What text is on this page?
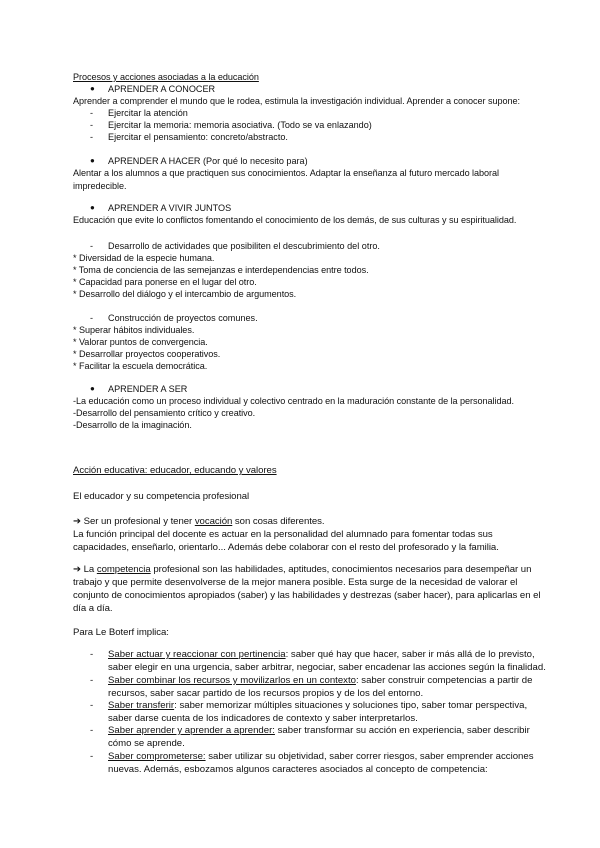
Procesos y acciones asociadas a la educación
● APRENDER A CONOCER
Aprender a comprender el mundo que le rodea, estimula la investigación individual. Aprender a conocer supone:
- Ejercitar la atención
- Ejercitar la memoria: memoria asociativa. (Todo se va enlazando)
- Ejercitar el pensamiento: concreto/abstracto.
● APRENDER A HACER (Por qué lo necesito para)
Alentar a los alumnos a que practiquen sus conocimientos. Adaptar la enseñanza al futuro mercado laboral
impredecible.
● APRENDER A VIVIR JUNTOS
Educación que evite lo conflictos fomentando el conocimiento de los demás, de sus culturas y su espiritualidad.
- Desarrollo de actividades que posibiliten el descubrimiento del otro.
* Diversidad de la especie humana.
* Toma de conciencia de las semejanzas e interdependencias entre todos.
* Capacidad para ponerse en el lugar del otro.
* Desarrollo del diálogo y el intercambio de argumentos.
- Construcción de proyectos comunes.
* Superar hábitos individuales.
* Valorar puntos de convergencia.
* Desarrollar proyectos cooperativos.
* Facilitar la escuela democrática.
● APRENDER A SER
-La educación como un proceso individual y colectivo centrado en la maduración constante de la personalidad.
-Desarrollo del pensamiento crítico y creativo.
-Desarrollo de la imaginación.
Acción educativa: educador, educando y valores
El educador y su competencia profesional
➔ Ser un profesional y tener vocación son cosas diferentes.
La función principal del docente es actuar en la personalidad del alumnado para fomentar todas sus
capacidades, enseñarlo, orientarlo... Además debe colaborar con el resto del profesorado y la familia.
➔ La competencia profesional son las habilidades, aptitudes, conocimientos necesarios para desempeñar un
trabajo y que permite desenvolverse de la mejor manera posible. Esta surge de la necesidad de valorar el
conjunto de conocimientos apropiados (saber) y las habilidades y destrezas (saber hacer), para aplicarlas en el
día a día.
Para Le Boterf implica:
- Saber actuar y reaccionar con pertinencia: saber qué hay que hacer, saber ir más allá de lo previsto,
saber elegir en una urgencia, saber arbitrar, negociar, saber encadenar las acciones según la finalidad.
- Saber combinar los recursos y movilizarlos en un contexto: saber construir competencias a partir de
recursos, saber sacar partido de los recursos propios y de los del entorno.
- Saber transferir: saber memorizar múltiples situaciones y soluciones tipo, saber tomar perspectiva,
saber darse cuenta de los indicadores de contexto y saber interpretarlos.
- Saber aprender y aprender a aprender: saber transformar su acción en experiencia, saber describir
cómo se aprende.
- Saber comprometerse: saber utilizar su objetividad, saber correr riesgos, saber emprender acciones
nuevas. Además, esbozamos algunos caracteres asociados al concepto de competencia:
